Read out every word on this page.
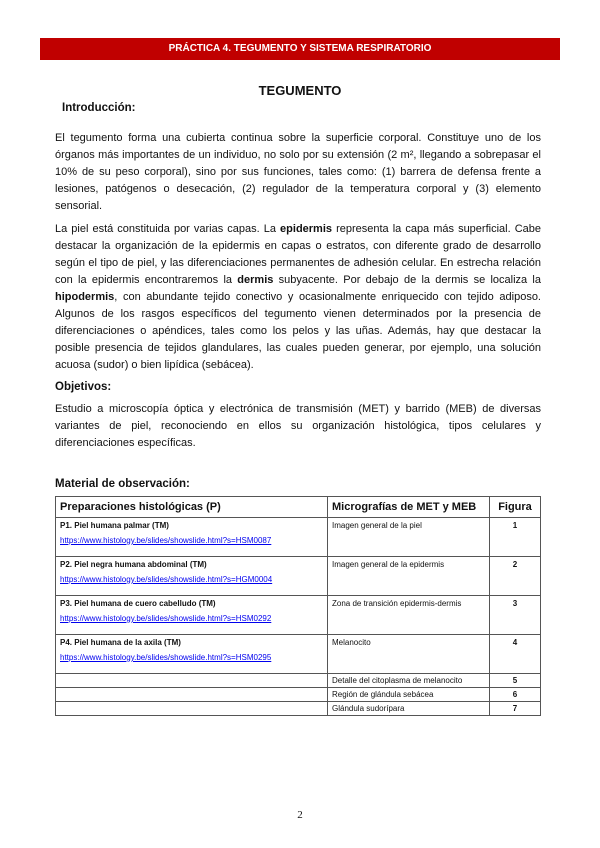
PRÁCTICA 4. TEGUMENTO Y SISTEMA RESPIRATORIO
TEGUMENTO
Introducción:

El tegumento forma una cubierta continua sobre la superficie corporal. Constituye uno de los órganos más importantes de un individuo, no solo por su extensión (2 m², llegando a sobrepasar el 10% de su peso corporal), sino por sus funciones, tales como: (1) barrera de defensa frente a lesiones, patógenos o desecación, (2) regulador de la temperatura corporal y (3) elemento sensorial.

La piel está constituida por varias capas. La epidermis representa la capa más superficial. Cabe destacar la organización de la epidermis en capas o estratos, con diferente grado de desarrollo según el tipo de piel, y las diferenciaciones permanentes de adhesión celular. En estrecha relación con la epidermis encontraremos la dermis subyacente. Por debajo de la dermis se localiza la hipodermis, con abundante tejido conectivo y ocasionalmente enriquecido con tejido adiposo. Algunos de los rasgos específicos del tegumento vienen determinados por la presencia de diferenciaciones o apéndices, tales como los pelos y las uñas. Además, hay que destacar la posible presencia de tejidos glandulares, las cuales pueden generar, por ejemplo, una solución acuosa (sudor) o bien lipídica (sebácea).

Objetivos:

Estudio a microscopía óptica y electrónica de transmisión (MET) y barrido (MEB) de diversas variantes de piel, reconociendo en ellos su organización histológica, tipos celulares y diferenciaciones específicas.

Material de observación:
Preparaciones histológicas (P)	Micrografías de MET y MEB	Figura
P1. Piel humana palmar (TM)
https://www.histology.be/slides/showslide.html?s=HSM0087	Imagen general de la piel	1
P2. Piel negra humana abdominal (TM)
https://www.histology.be/slides/showslide.html?s=HGM0004	Imagen general de la epidermis	2
P3. Piel humana de cuero cabelludo (TM)
https://www.histology.be/slides/showslide.html?s=HSM0292	Zona de transición epidermis-dermis	3
P4. Piel humana de la axila (TM)
https://www.histology.be/slides/showslide.html?s=HSM0295	Melanocito	4
	Detalle del citoplasma de melanocito	5
	Región de glándula sebácea	6
	Glándula sudorípara	7
2
